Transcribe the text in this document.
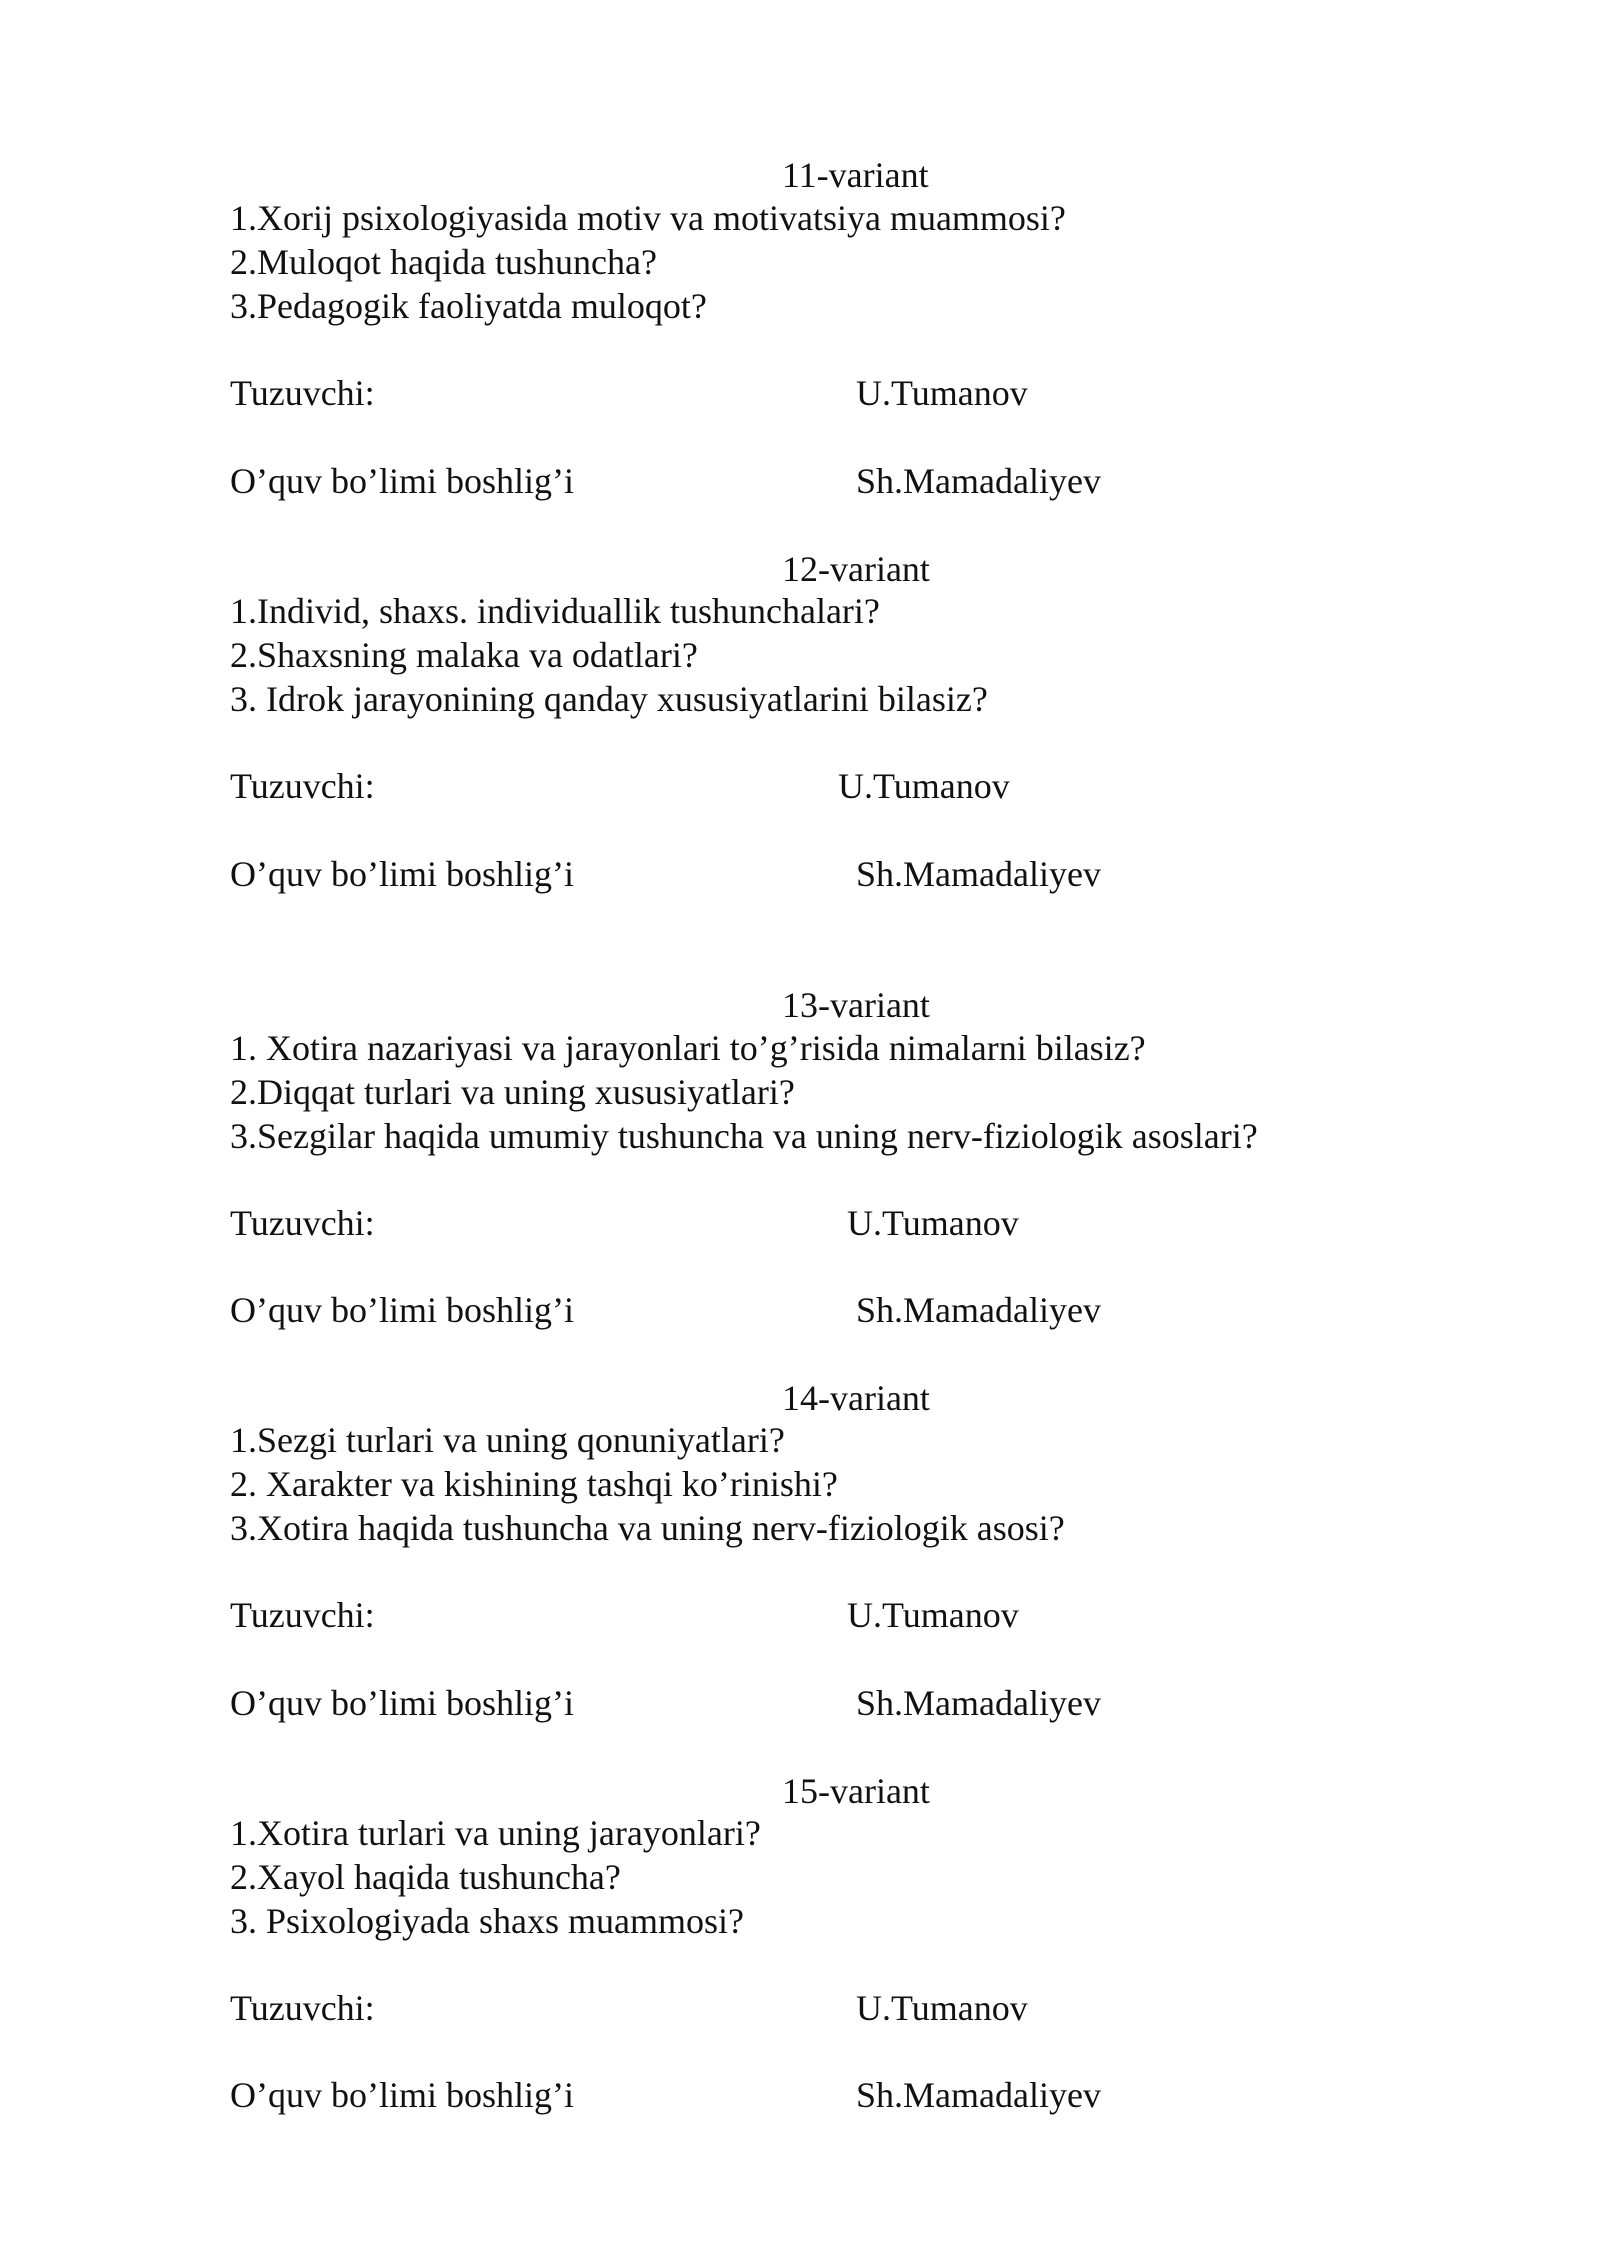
11-variant
1.Xorij psixologiyasida motiv va motivatsiya muammosi?
2.Muloqot haqida tushuncha?
3.Pedagogik faoliyatda muloqot?
Tuzuvchi:	U.Tumanov
O’quv bo’limi boshlig’i	Sh.Mamadaliyev
12-variant
1.Individ, shaxs. individuallik tushunchalari?
2.Shaxsning malaka va odatlari?
3. Idrok jarayonining qanday xususiyatlarini bilasiz?
Tuzuvchi:	U.Tumanov
O’quv bo’limi boshlig’i	Sh.Mamadaliyev
13-variant
1. Xotira nazariyasi va jarayonlari to’g’risida nimalarni bilasiz?
2.Diqqat turlari va uning xususiyatlari?
3.Sezgilar haqida umumiy tushuncha va uning nerv-fiziologik asoslari?
Tuzuvchi:	U.Tumanov
O’quv bo’limi boshlig’i	Sh.Mamadaliyev
14-variant
1.Sezgi turlari va uning qonuniyatlari?
2. Xarakter va kishining tashqi ko’rinishi?
3.Xotira haqida tushuncha va uning nerv-fiziologik asosi?
Tuzuvchi:	U.Tumanov
O’quv bo’limi boshlig’i	Sh.Mamadaliyev
15-variant
1.Xotira turlari va uning jarayonlari?
2.Xayol haqida tushuncha?
3. Psixologiyada shaxs muammosi?
Tuzuvchi:	U.Tumanov
O’quv bo’limi boshlig’i	Sh.Mamadaliyev
